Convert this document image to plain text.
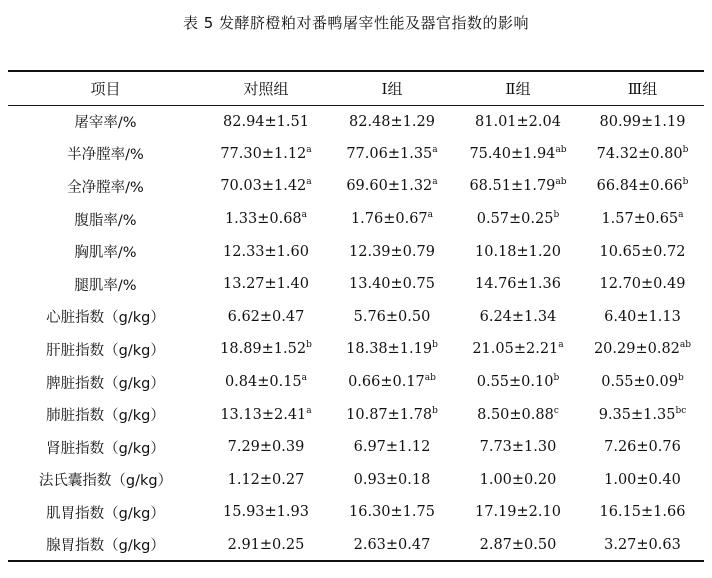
表 5 发酵脐橙粕对番鸭屠宰性能及器官指数的影响
项目	对照组	Ⅰ组	Ⅱ组	Ⅲ组
屠宰率/%	82.94±1.51	82.48±1.29	81.01±2.04	80.99±1.19
半净膛率/%	77.30±1.12$^a$	77.06±1.35$^a$	75.40±1.94$^{ab}$	74.32±0.80$^b$
全净膛率/%	70.03±1.42$^a$	69.60±1.32$^a$	68.51±1.79$^{ab}$	66.84±0.66$^b$
腹脂率/%	1.33±0.68$^a$	1.76±0.67$^a$	0.57±0.25$^b$	1.57±0.65$^a$
胸肌率/%	12.33±1.60	12.39±0.79	10.18±1.20	10.65±0.72
腿肌率/%	13.27±1.40	13.40±0.75	14.76±1.36	12.70±0.49
心脏指数（g/kg）	6.62±0.47	5.76±0.50	6.24±1.34	6.40±1.13
肝脏指数（g/kg）	18.89±1.52$^b$	18.38±1.19$^b$	21.05±2.21$^a$	20.29±0.82$^{ab}$
脾脏指数（g/kg）	0.84±0.15$^a$	0.66±0.17$^{ab}$	0.55±0.10$^b$	0.55±0.09$^b$
肺脏指数（g/kg）	13.13±2.41$^a$	10.87±1.78$^b$	8.50±0.88$^c$	9.35±1.35$^{bc}$
肾脏指数（g/kg）	7.29±0.39	6.97±1.12	7.73±1.30	7.26±0.76
法氏囊指数（g/kg）	1.12±0.27	0.93±0.18	1.00±0.20	1.00±0.40
肌胃指数（g/kg）	15.93±1.93	16.30±1.75	17.19±2.10	16.15±1.66
腺胃指数（g/kg）	2.91±0.25	2.63±0.47	2.87±0.50	3.27±0.63
